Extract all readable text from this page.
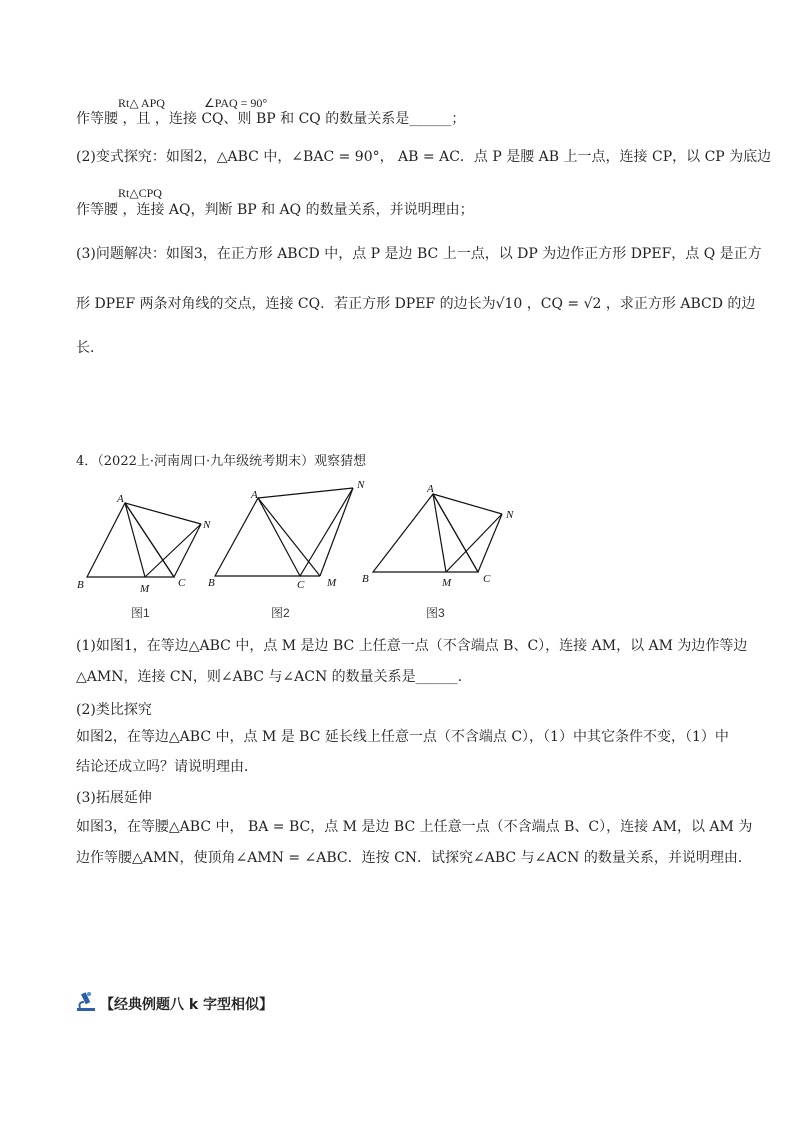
Rt△ APQ	∠PAQ = 90°
作等腰 ，且 ，连接 CQ、则 BP 和 CQ 的数量关系是______；
(2)变式探究：如图2，△ABC 中，∠BAC = 90°， AB = AC．点 P 是腰 AB 上一点，连接 CP，以 CP 为底边
Rt△CPQ
作等腰 ，连接 AQ，判断 BP 和 AQ 的数量关系，并说明理由；
(3)问题解决：如图3，在正方形 ABCD 中，点 P 是边 BC 上一点，以 DP 为边作正方形 DPEF，点 Q 是正方
形 DPEF 两条对角线的交点，连接 CQ．若正方形 DPEF 的边长为√10 ，CQ = √2 ，求正方形 ABCD 的边
长．
4．（2022上·河南周口·九年级统考期末）观察猜想
A
N
B	M	C
A
N
B	C M
A
N
B	M	C
图1	图2	图3
(1)如图1，在等边△ABC 中，点 M 是边 BC 上任意一点（不含端点 B、C），连接 AM，以 AM 为边作等边
△AMN，连接 CN，则∠ABC 与∠ACN 的数量关系是______.
(2)类比探究
如图2，在等边△ABC 中，点 M 是 BC 延长线上任意一点（不含端点 C），（1）中其它条件不变，（1）中
结论还成立吗？请说明理由．
(3)拓展延伸
如图3，在等腰△ABC 中， BA = BC，点 M 是边 BC 上任意一点（不含端点 B、C），连接 AM，以 AM 为
边作等腰△AMN，使顶角∠AMN = ∠ABC．连按 CN．试探究∠ABC 与∠ACN 的数量关系，并说明理由．
【经典例题八 k 字型相似】
